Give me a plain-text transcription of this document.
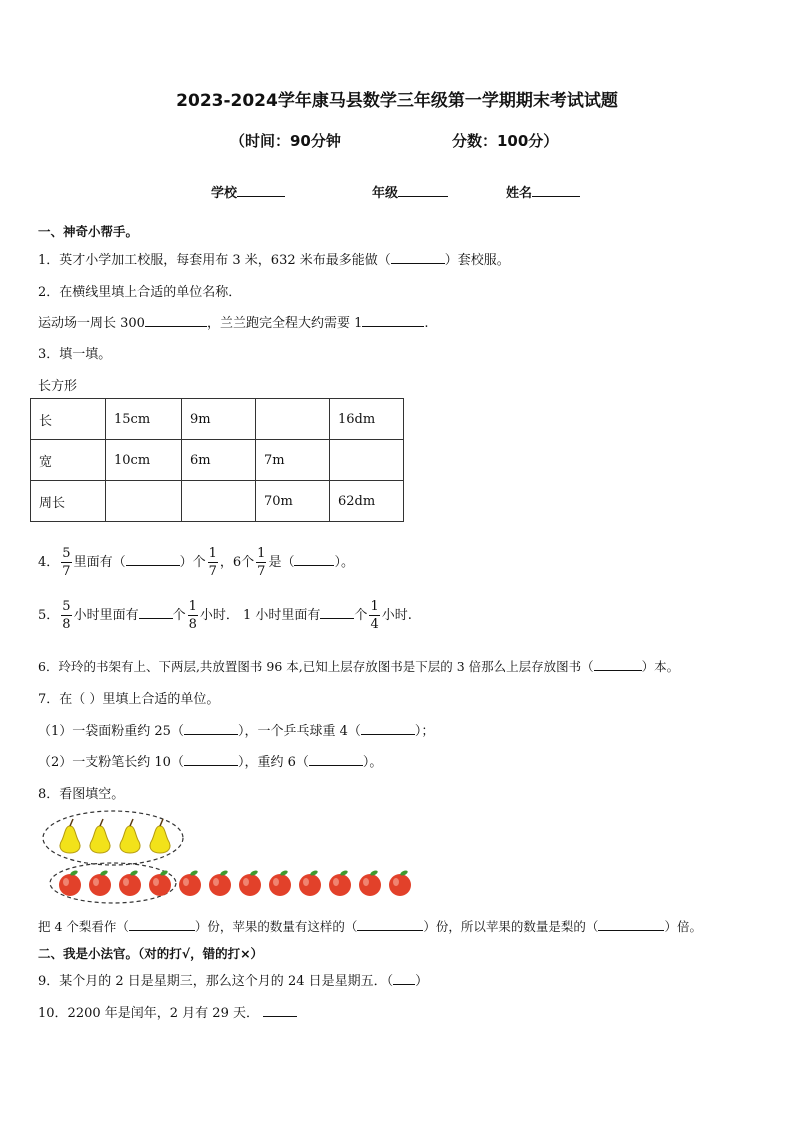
2023-2024学年康马县数学三年级第一学期期末考试试题
（时间：90分钟	分数：100分）
学校	年级	姓名
一、神奇小帮手。
1．英才小学加工校服，每套用布 3 米，632 米布最多能做（	）套校服。
2．在横线里填上合适的单位名称．
运动场一周长 300	，兰兰跑完全程大约需要 1	.
3．填一填。
长方形
长	15cm	9m		16dm
宽	10cm	6m	7m	
周长			70m	62dm
4． $\frac{5}{7}$ 里面有（	）个 $\frac{1}{7}$ ，6个 $\frac{1}{7}$ 是（	）。
5． $\frac{5}{8}$ 小时里面有	个 $\frac{1}{8}$ 小时． 1 小时里面有	个 $\frac{1}{4}$ 小时.
6．玲玲的书架有上、下两层,共放置图书 96 本,已知上层存放图书是下层的 3 倍那么上层存放图书（	）本。
7．在（ ）里填上合适的单位。
（1）一袋面粉重约 25（	），一个乒乓球重 4（	）；
（2）一支粉笔长约 10（	），重约 6（	）。
8．看图填空。
把 4 个梨看作（	）份，苹果的数量有这样的（	）份，所以苹果的数量是梨的（	）倍。
二、我是小法官。（对的打√，错的打×）
9．某个月的 2 日是星期三，那么这个月的 24 日是星期五．（ ）
10．2200 年是闰年，2 月有 29 天．
